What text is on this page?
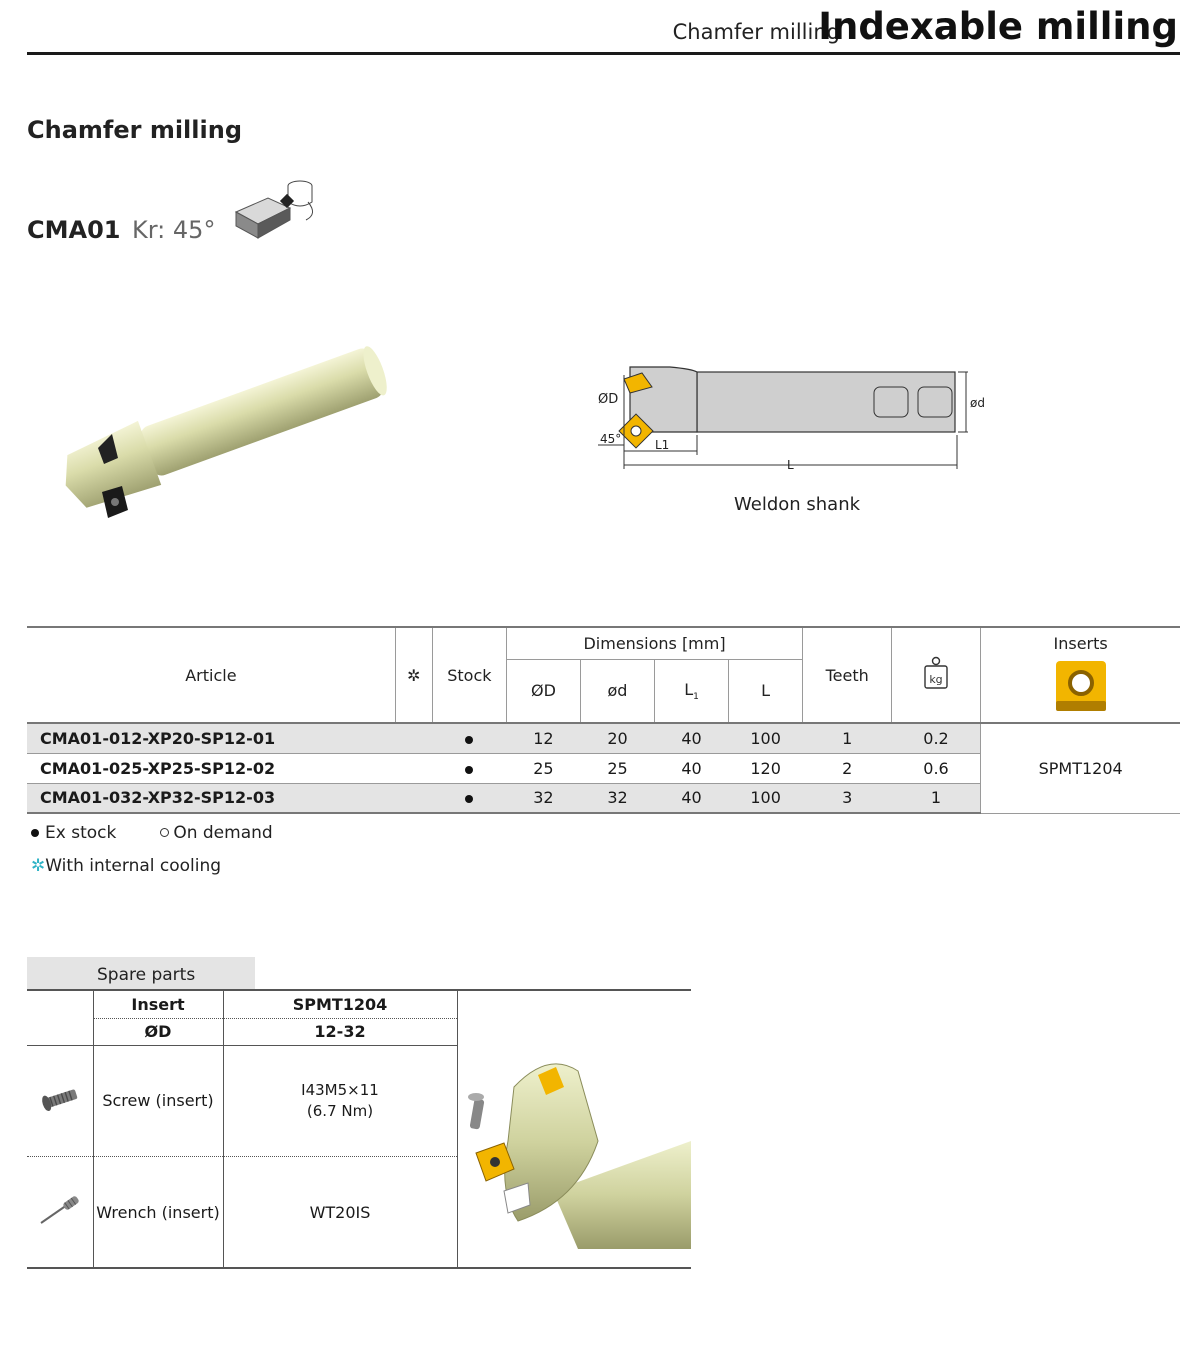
Chamfer milling
Indexable milling
Chamfer milling
CMA01 Kr: 45°
ØD
45°	L1
L
ød
Weldon shank
Article	✲	Stock	Dimensions [mm]				Teeth	kg	Inserts

			ØD	ød	$L_1$	L			
CMA01-012-XP20-SP12-01			12	20	40	100	1	0.2	SPMT1204
CMA01-025-XP25-SP12-02			25	25	40	120	2	0.6	
CMA01-032-XP32-SP12-03			32	32	40	100	3	1	
Ex stock	On demand
✲With internal cooling
Spare parts
	Insert	SPMT1204	
	ØD	12-32	
	Screw (insert)	I43M5×11
(6.7 Nm)	

	Wrench (insert)	WT20IS	
